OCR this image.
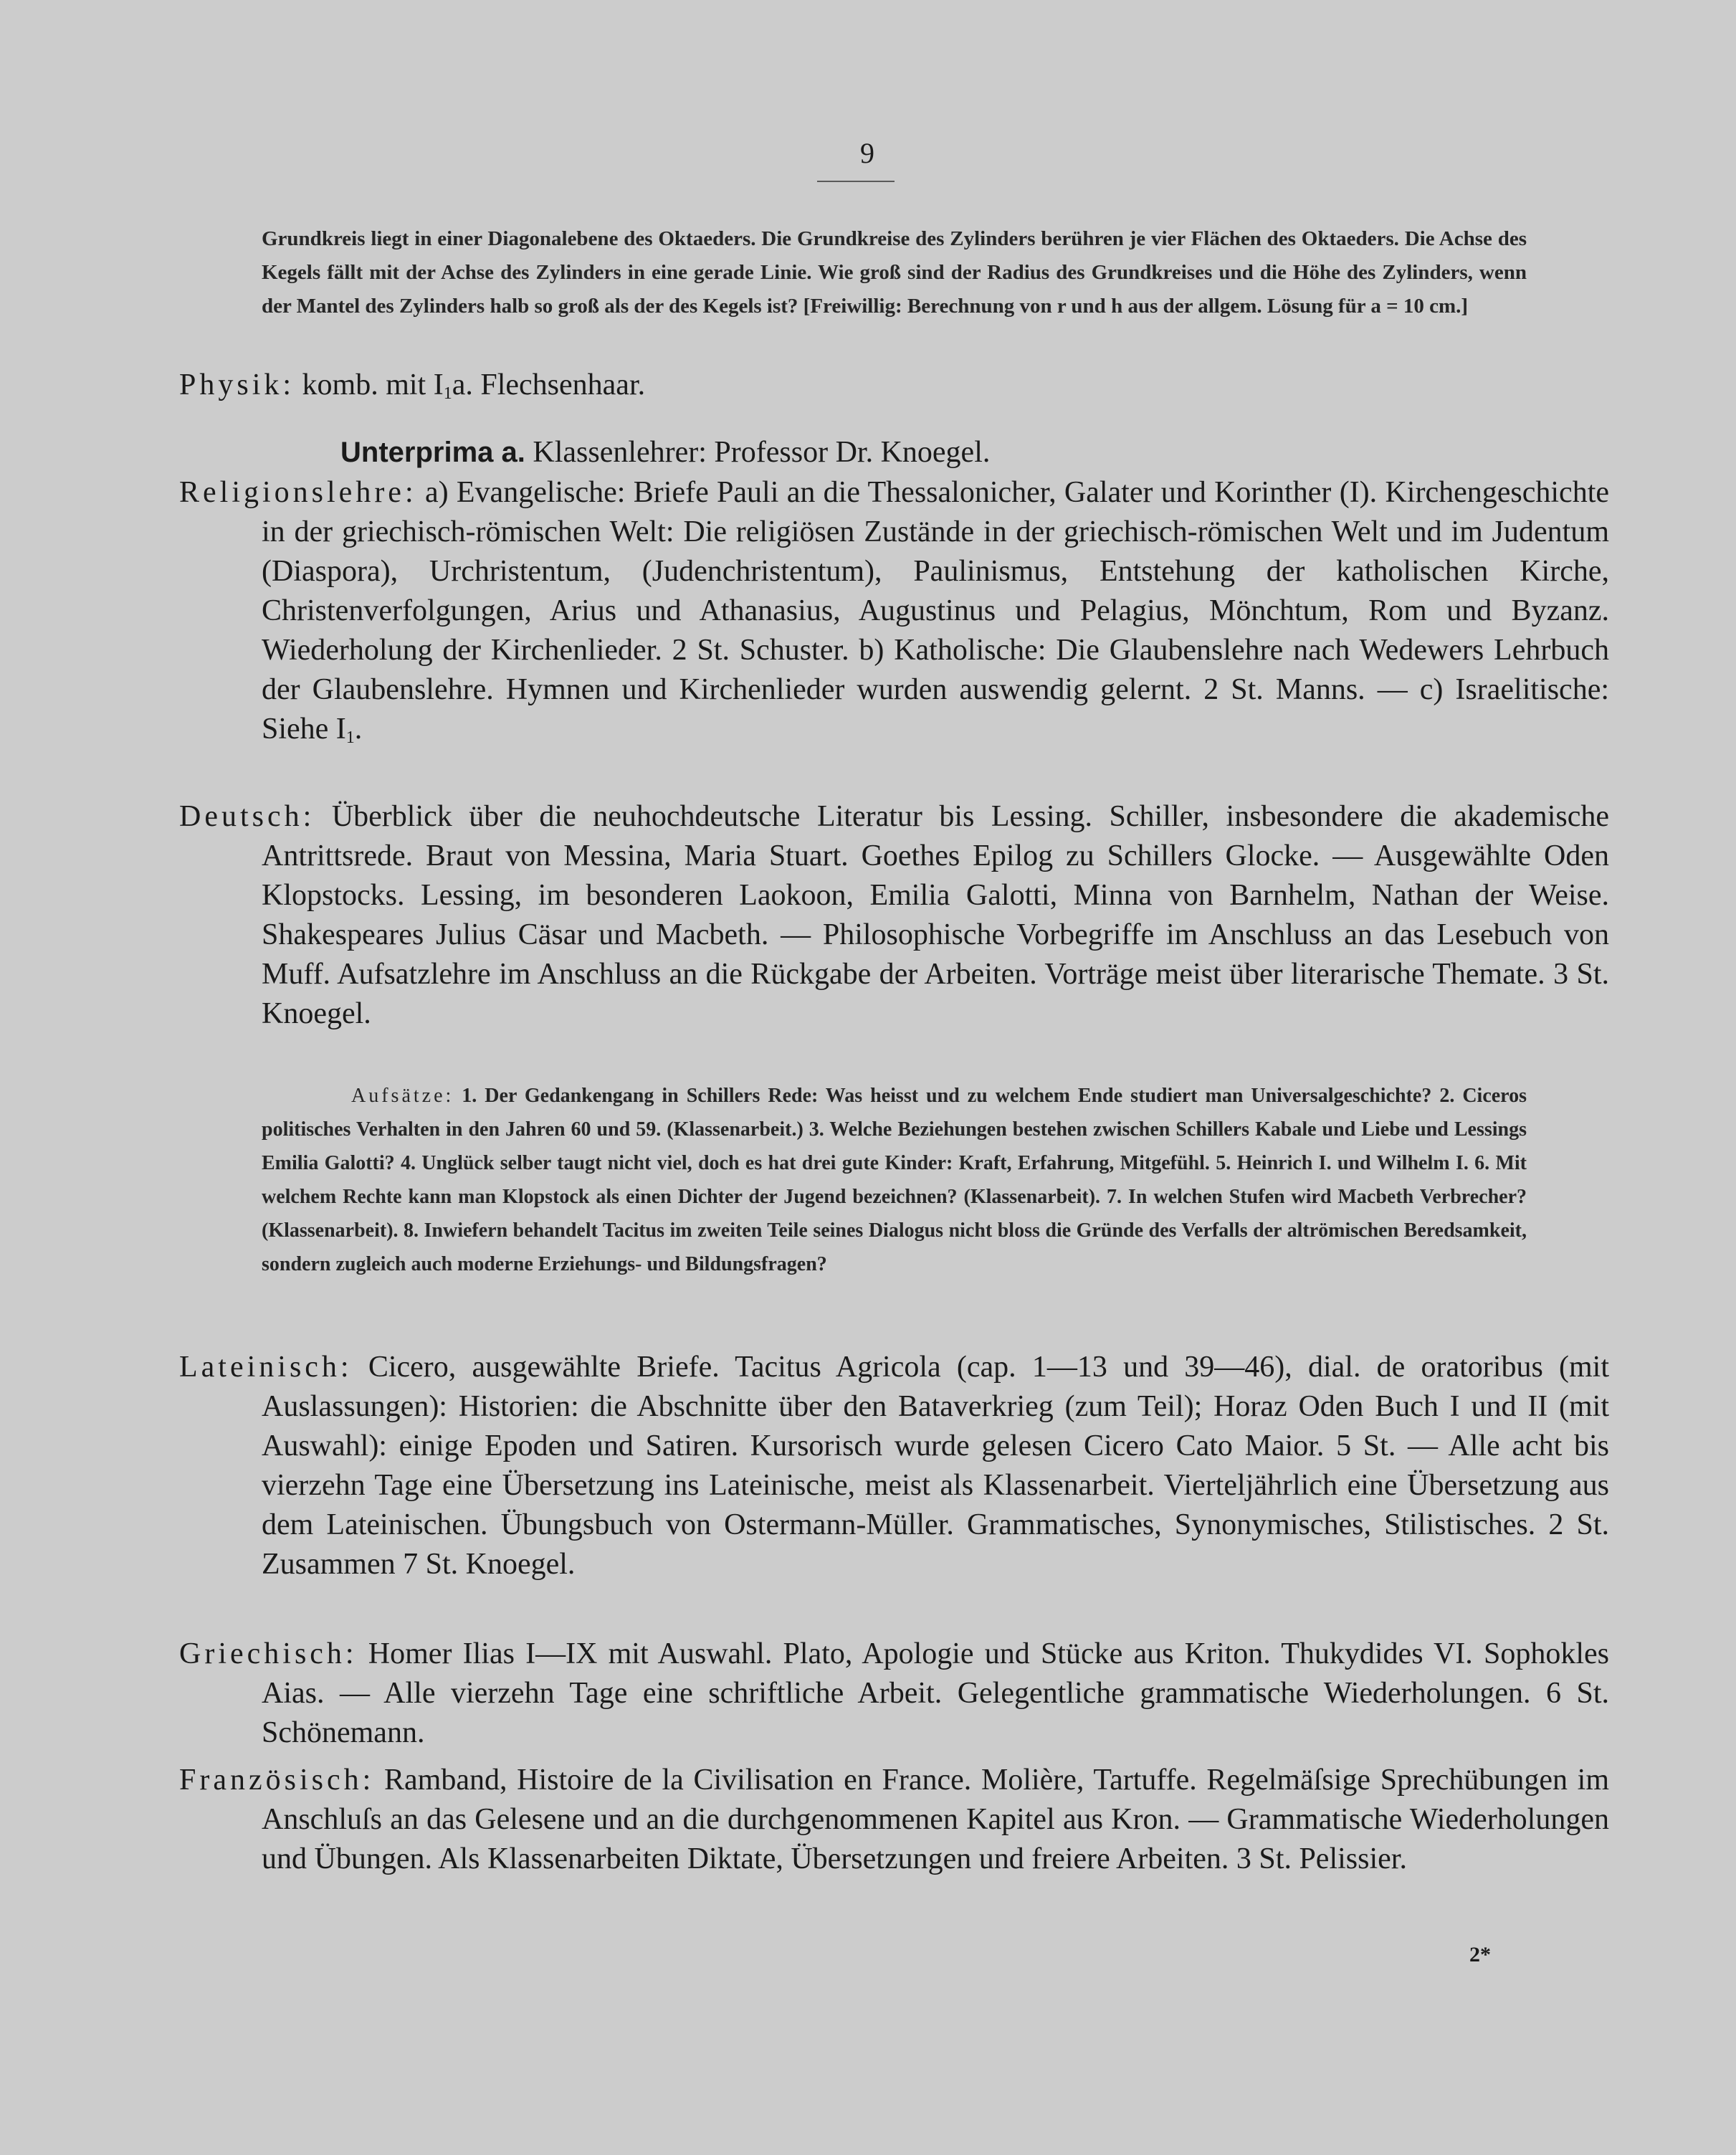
9
Grundkreis liegt in einer Diagonalebene des Oktaeders. Die Grundkreise des Zylinders berühren je vier Flächen des Oktaeders. Die Achse des Kegels fällt mit der Achse des Zylinders in eine gerade Linie. Wie groß sind der Radius des Grundkreises und die Höhe des Zylinders, wenn der Mantel des Zylinders halb so groß als der des Kegels ist? [Freiwillig: Berechnung von r und h aus der allgem. Lösung für a = 10 cm.]
Physik: komb. mit $I_1a$. Flechsenhaar.
Unterprima a. Klassenlehrer: Professor Dr. Knoegel.
Religionslehre: a) Evangelische: Briefe Pauli an die Thessalonicher, Galater und Korinther (I). Kirchengeschichte in der griechisch-römischen Welt: Die religiösen Zustände in der griechisch-römischen Welt und im Judentum (Diaspora), Urchristentum, (Judenchristentum), Paulinismus, Entstehung der katholischen Kirche, Christenverfolgungen, Arius und Athanasius, Augustinus und Pelagius, Mönchtum, Rom und Byzanz. Wiederholung der Kirchenlieder. 2 St. Schuster. b) Katholische: Die Glaubenslehre nach Wedewers Lehrbuch der Glaubenslehre. Hymnen und Kirchenlieder wurden auswendig gelernt. 2 St. Manns. — c) Israelitische: Siehe $I_1$.
Deutsch: Überblick über die neuhochdeutsche Literatur bis Lessing. Schiller, insbesondere die akademische Antrittsrede. Braut von Messina, Maria Stuart. Goethes Epilog zu Schillers Glocke. — Ausgewählte Oden Klopstocks. Lessing, im besonderen Laokoon, Emilia Galotti, Minna von Barnhelm, Nathan der Weise. Shakespeares Julius Cäsar und Macbeth. — Philosophische Vorbegriffe im Anschluss an das Lesebuch von Muff. Aufsatzlehre im Anschluss an die Rückgabe der Arbeiten. Vorträge meist über literarische Themate. 3 St. Knoegel.
Aufsätze: 1. Der Gedankengang in Schillers Rede: Was heisst und zu welchem Ende studiert man Universalgeschichte? 2. Ciceros politisches Verhalten in den Jahren 60 und 59. (Klassenarbeit.) 3. Welche Beziehungen bestehen zwischen Schillers Kabale und Liebe und Lessings Emilia Galotti? 4. Unglück selber taugt nicht viel, doch es hat drei gute Kinder: Kraft, Erfahrung, Mitgefühl. 5. Heinrich I. und Wilhelm I. 6. Mit welchem Rechte kann man Klopstock als einen Dichter der Jugend bezeichnen? (Klassenarbeit). 7. In welchen Stufen wird Macbeth Verbrecher? (Klassenarbeit). 8. Inwiefern behandelt Tacitus im zweiten Teile seines Dialogus nicht bloss die Gründe des Verfalls der altrömischen Beredsamkeit, sondern zugleich auch moderne Erziehungs- und Bildungsfragen?
Lateinisch: Cicero, ausgewählte Briefe. Tacitus Agricola (cap. 1—13 und 39—46), dial. de oratoribus (mit Auslassungen): Historien: die Abschnitte über den Bataverkrieg (zum Teil); Horaz Oden Buch I und II (mit Auswahl): einige Epoden und Satiren. Kursorisch wurde gelesen Cicero Cato Maior. 5 St. — Alle acht bis vierzehn Tage eine Übersetzung ins Lateinische, meist als Klassenarbeit. Vierteljährlich eine Übersetzung aus dem Lateinischen. Übungsbuch von Ostermann-Müller. Grammatisches, Synonymisches, Stilistisches. 2 St. Zusammen 7 St. Knoegel.
Griechisch: Homer Ilias I—IX mit Auswahl. Plato, Apologie und Stücke aus Kriton. Thukydides VI. Sophokles Aias. — Alle vierzehn Tage eine schriftliche Arbeit. Gelegentliche grammatische Wiederholungen. 6 St. Schönemann.
Französisch: Ramband, Histoire de la Civilisation en France. Molière, Tartuffe. Regelmäſsige Sprechübungen im Anschluſs an das Gelesene und an die durchgenommenen Kapitel aus Kron. — Grammatische Wiederholungen und Übungen. Als Klassenarbeiten Diktate, Übersetzungen und freiere Arbeiten. 3 St. Pelissier.
2*
